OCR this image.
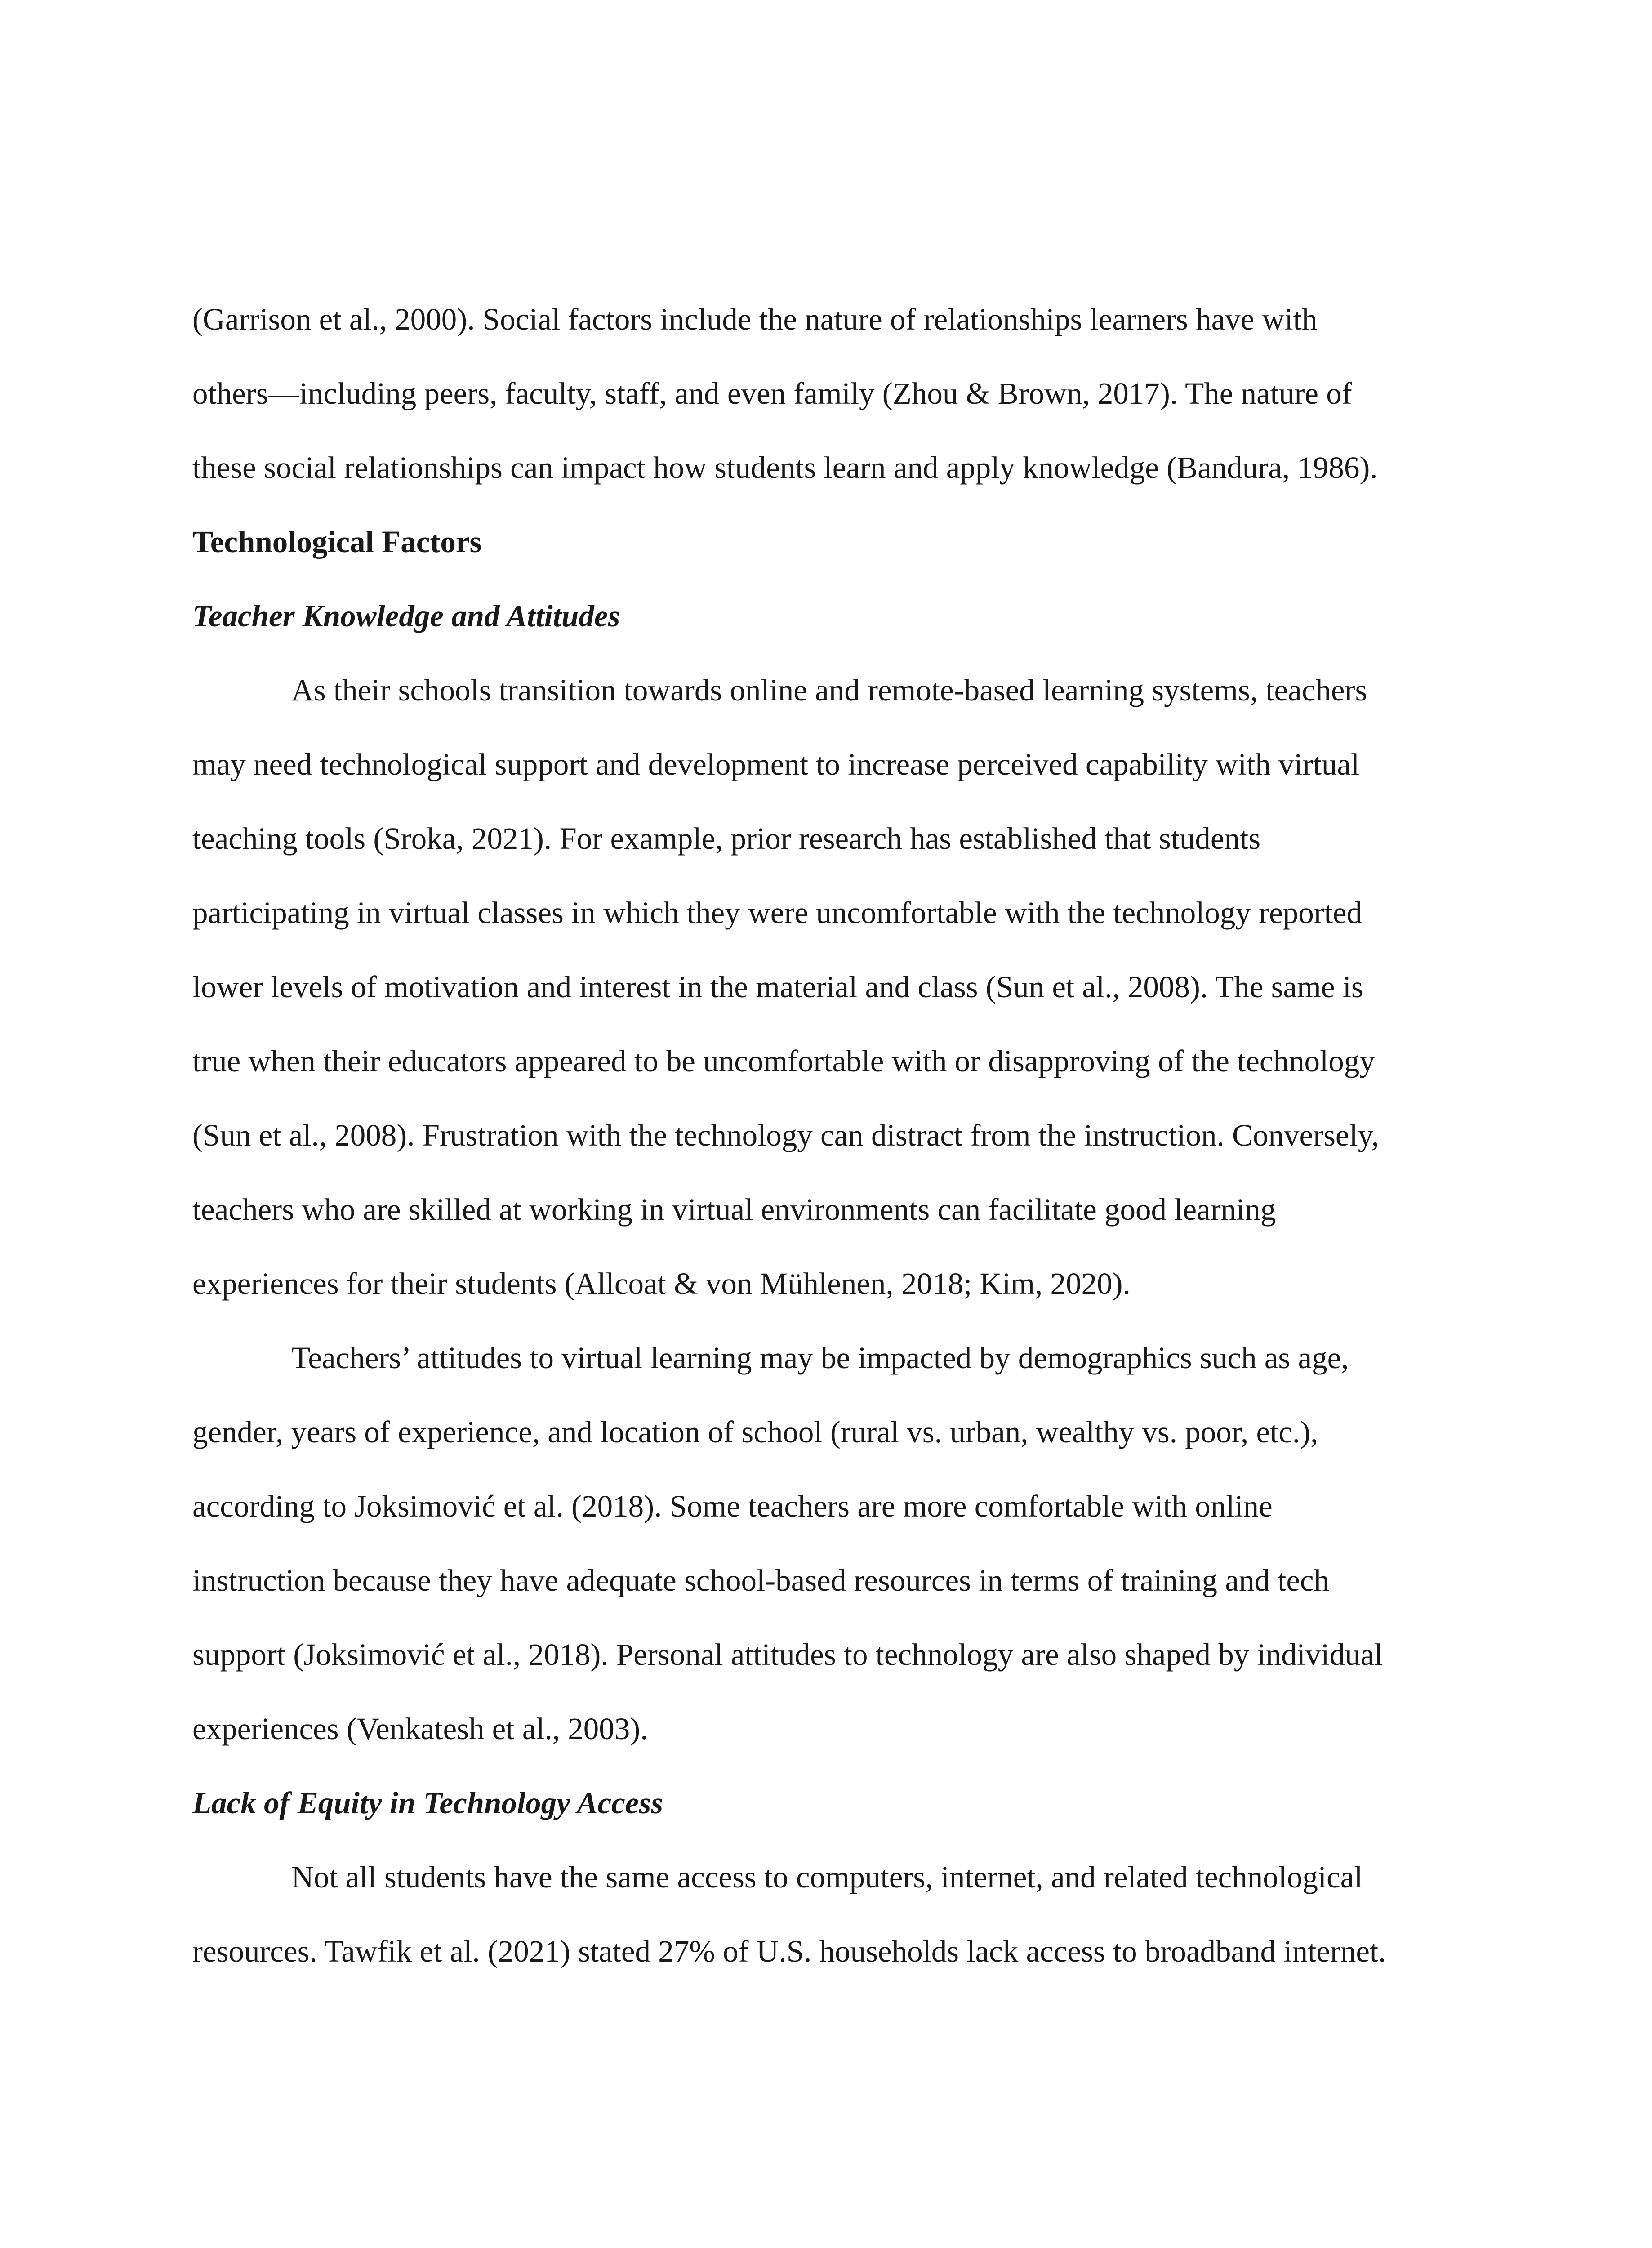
(Garrison et al., 2000). Social factors include the nature of relationships learners have with
others—including peers, faculty, staff, and even family (Zhou & Brown, 2017). The nature of
these social relationships can impact how students learn and apply knowledge (Bandura, 1986).
Technological Factors
Teacher Knowledge and Attitudes
As their schools transition towards online and remote-based learning systems, teachers
may need technological support and development to increase perceived capability with virtual
teaching tools (Sroka, 2021). For example, prior research has established that students
participating in virtual classes in which they were uncomfortable with the technology reported
lower levels of motivation and interest in the material and class (Sun et al., 2008). The same is
true when their educators appeared to be uncomfortable with or disapproving of the technology
(Sun et al., 2008). Frustration with the technology can distract from the instruction. Conversely,
teachers who are skilled at working in virtual environments can facilitate good learning
experiences for their students (Allcoat & von Mühlenen, 2018; Kim, 2020).
Teachers’ attitudes to virtual learning may be impacted by demographics such as age,
gender, years of experience, and location of school (rural vs. urban, wealthy vs. poor, etc.),
according to Joksimović et al. (2018). Some teachers are more comfortable with online
instruction because they have adequate school-based resources in terms of training and tech
support (Joksimović et al., 2018). Personal attitudes to technology are also shaped by individual
experiences (Venkatesh et al., 2003).
Lack of Equity in Technology Access
Not all students have the same access to computers, internet, and related technological
resources. Tawfik et al. (2021) stated 27% of U.S. households lack access to broadband internet.
